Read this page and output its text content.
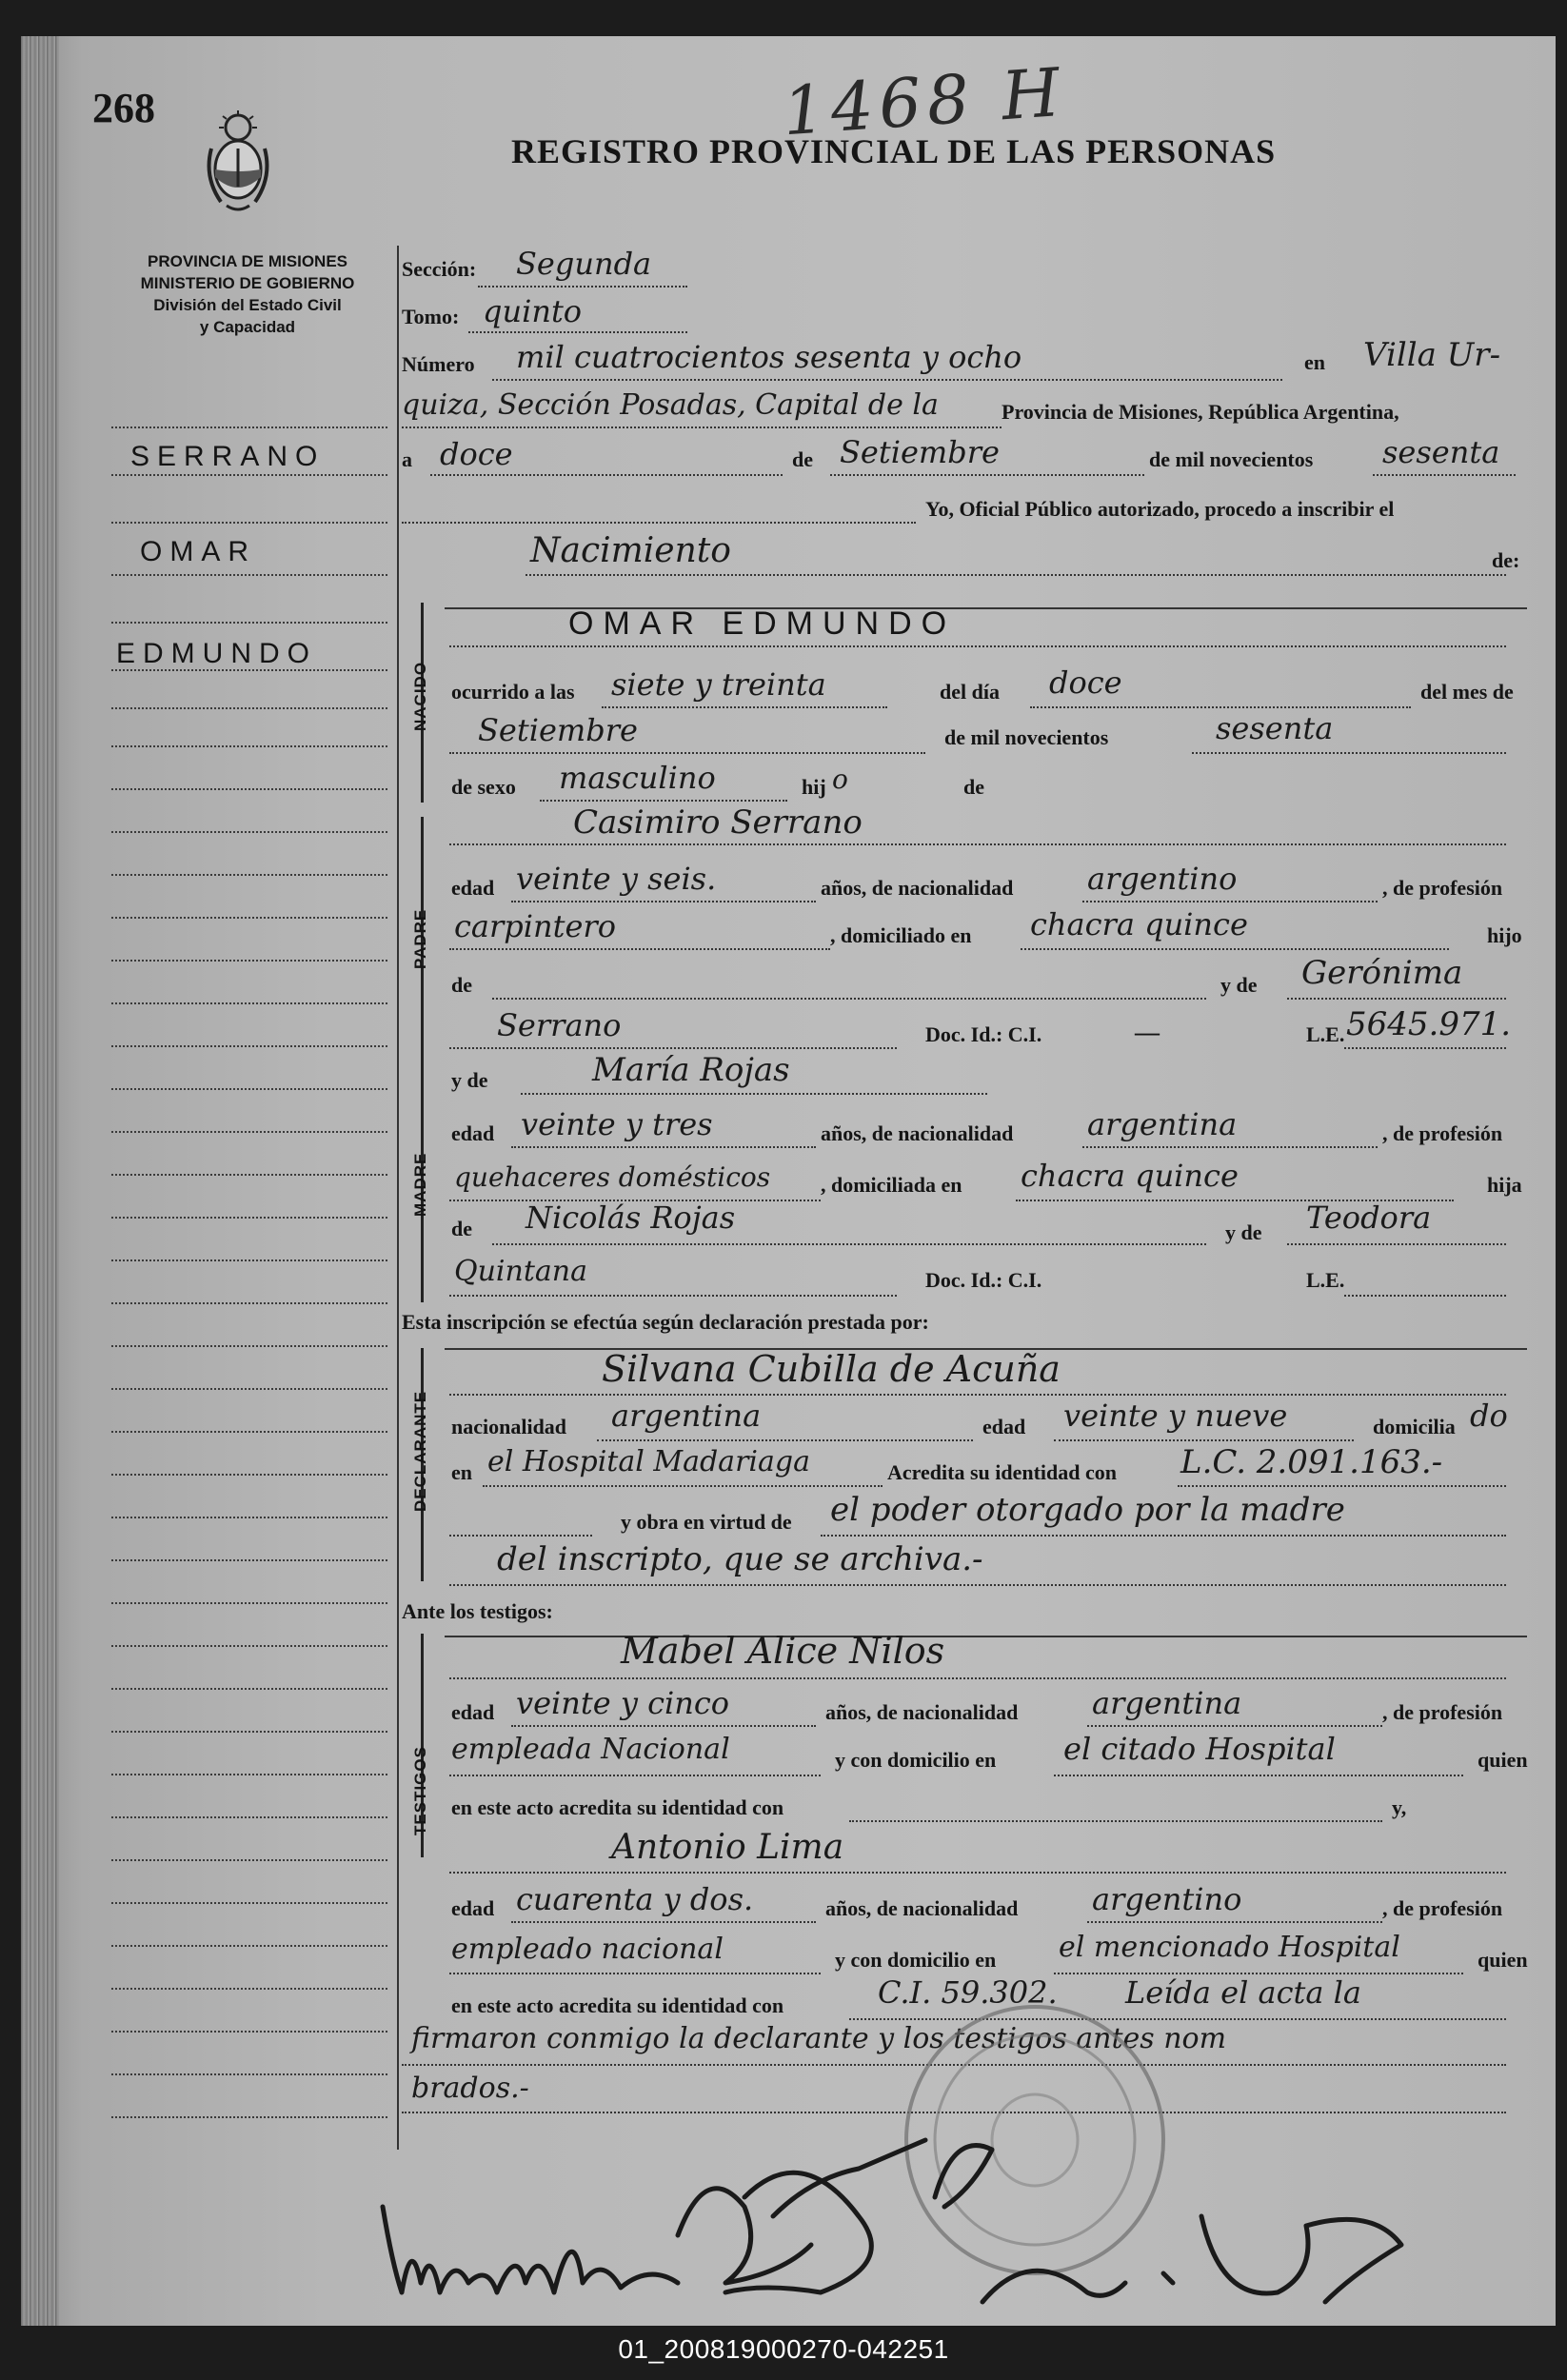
268	1468 H
REGISTRO PROVINCIAL DE LAS PERSONAS
PROVINCIA DE MISIONES
MINISTERIO DE GOBIERNO
División del Estado Civil
y Capacidad
SERRANO
OMAR
EDMUNDO
Sección: Segunda
Tomo: quinto
Número mil cuatrocientos sesenta y ocho	en Villa Ur-
quiza, Sección Posadas, Capital de la	Provincia de Misiones, República Argentina,
a doce	de Setiembre	de mil novecientos sesenta
Yo, Oficial Público autorizado, procedo a inscribir el
Nacimiento	de:
NACIDO
OMAR EDMUNDO
ocurrido a las siete y treinta	del día doce	del mes de
Setiembre	de mil novecientos	sesenta
de sexo masculino	hij o	de
PADRE
Casimiro Serrano
edad veinte y seis.	años, de nacionalidad argentino	, de profesión
carpintero	, domiciliado en chacra quince	hijo
de	y de Gerónima
Serrano	Doc. Id.: C.I.	—	L.E. 5645.971.
MADRE
y de	María Rojas
edad veinte y tres	años, de nacionalidad argentina	, de profesión
quehaceres domésticos , domiciliada en chacra quince	hija
de Nicolás Rojas	y de Teodora
Quintana	Doc. Id.: C.I.	L.E.
Esta inscripción se efectúa según declaración prestada por:
DECLARANTE
Silvana Cubilla de Acuña
nacionalidad argentina	edad veinte y nueve	domicilia do
en el Hospital Madariaga	Acredita su identidad con L.C. 2.091.163.-
y obra en virtud de el poder otorgado por la madre
del inscripto, que se archiva.-
Ante los testigos:
TESTIGOS
Mabel Alice Nilos
edad veinte y cinco	años, de nacionalidad argentina	, de profesión
empleada Nacional	y con domicilio en el citado Hospital	quien
en este acto acredita su identidad con	y,
Antonio Lima
edad cuarenta y dos.	años, de nacionalidad argentino	, de profesión
empleado nacional	y con domicilio en el mencionado Hospital	quien
en este acto acredita su identidad con	C.I. 59.302. Leída el acta la
firmaron conmigo la declarante y los testigos antes nom
brados.-
01_200819000270-042251
